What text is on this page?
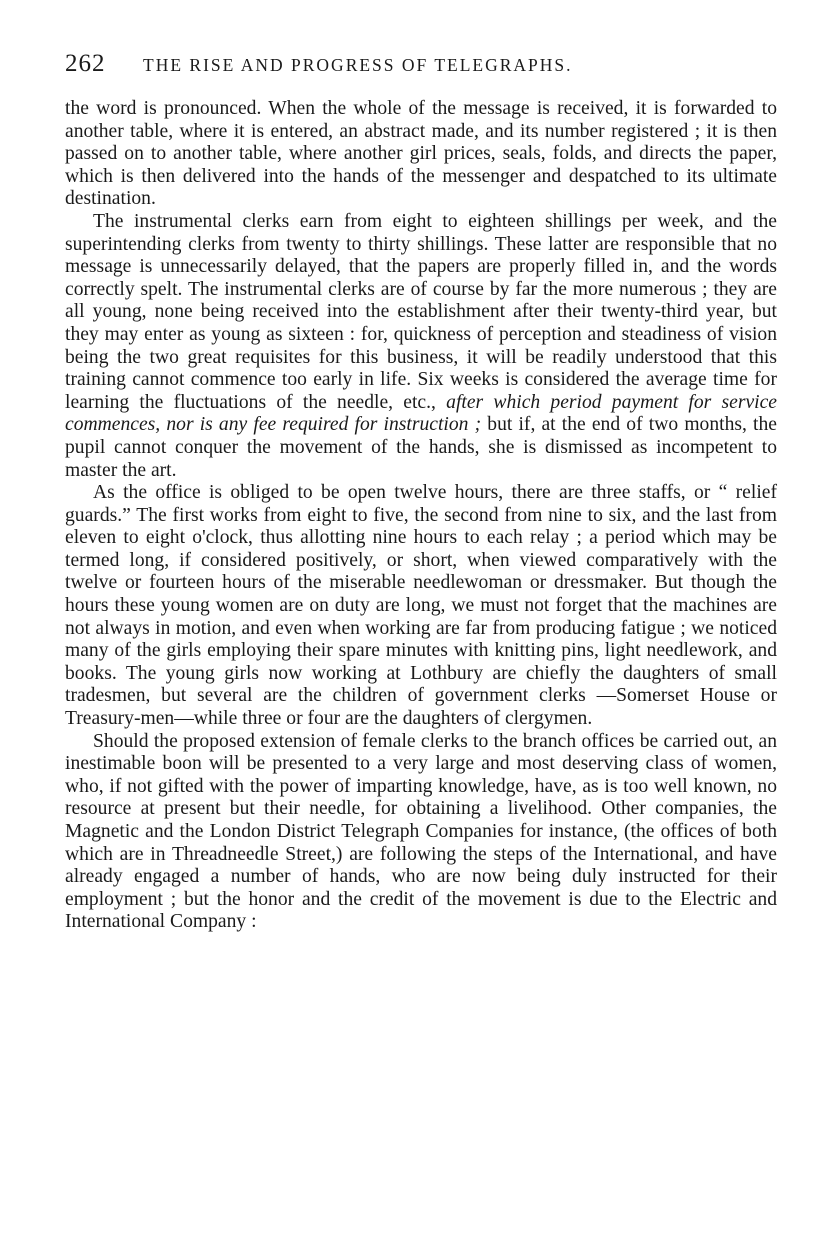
262	THE RISE AND PROGRESS OF TELEGRAPHS.

the word is pronounced. When the whole of the message is received, it is forwarded to another table, where it is entered, an abstract made, and its number registered ; it is then passed on to another table, where another girl prices, seals, folds, and directs the paper, which is then delivered into the hands of the messenger and despatched to its ultimate destination.

The instrumental clerks earn from eight to eighteen shillings per week, and the superintending clerks from twenty to thirty shillings. These latter are responsible that no message is unnecessarily delayed, that the papers are properly filled in, and the words correctly spelt. The instrumental clerks are of course by far the more numerous ; they are all young, none being received into the establishment after their twenty-third year, but they may enter as young as sixteen : for, quickness of perception and steadiness of vision being the two great requisites for this business, it will be readily understood that this training cannot commence too early in life. Six weeks is considered the average time for learning the fluctuations of the needle, etc., after which period payment for service commences, nor is any fee required for instruction ; but if, at the end of two months, the pupil cannot conquer the movement of the hands, she is dismissed as incompetent to master the art.

As the office is obliged to be open twelve hours, there are three staffs, or “ relief guards.” The first works from eight to five, the second from nine to six, and the last from eleven to eight o'clock, thus allotting nine hours to each relay ; a period which may be termed long, if considered positively, or short, when viewed comparatively with the twelve or fourteen hours of the miserable needlewoman or dressmaker. But though the hours these young women are on duty are long, we must not forget that the machines are not always in motion, and even when working are far from producing fatigue ; we noticed many of the girls employing their spare minutes with knitting pins, light needlework, and books. The young girls now working at Lothbury are chiefly the daughters of small tradesmen, but several are the children of government clerks —Somerset House or Treasury-men—while three or four are the daughters of clergymen.

Should the proposed extension of female clerks to the branch offices be carried out, an inestimable boon will be presented to a very large and most deserving class of women, who, if not gifted with the power of imparting knowledge, have, as is too well known, no resource at present but their needle, for obtaining a livelihood. Other companies, the Magnetic and the London District Telegraph Companies for instance, (the offices of both which are in Threadneedle Street,) are following the steps of the International, and have already engaged a number of hands, who are now being duly instructed for their employment ; but the honor and the credit of the movement is due to the Electric and International Company :
